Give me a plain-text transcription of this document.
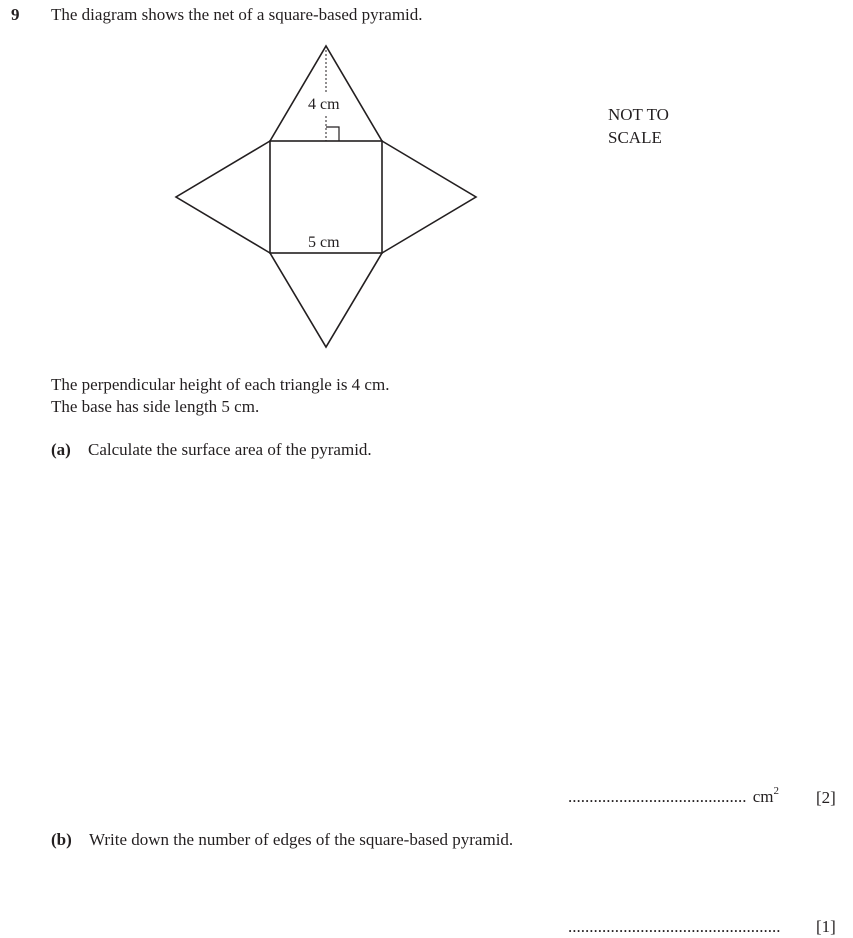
9 The diagram shows the net of a square-based pyramid.
4 cm
5 cm
NOT TO
SCALE
The perpendicular height of each triangle is 4 cm.
The base has side length 5 cm.
(a) Calculate the surface area of the pyramid.
.......................................... $cm^2$ [2]
(b) Write down the number of edges of the square-based pyramid.
.................................................. [1]
